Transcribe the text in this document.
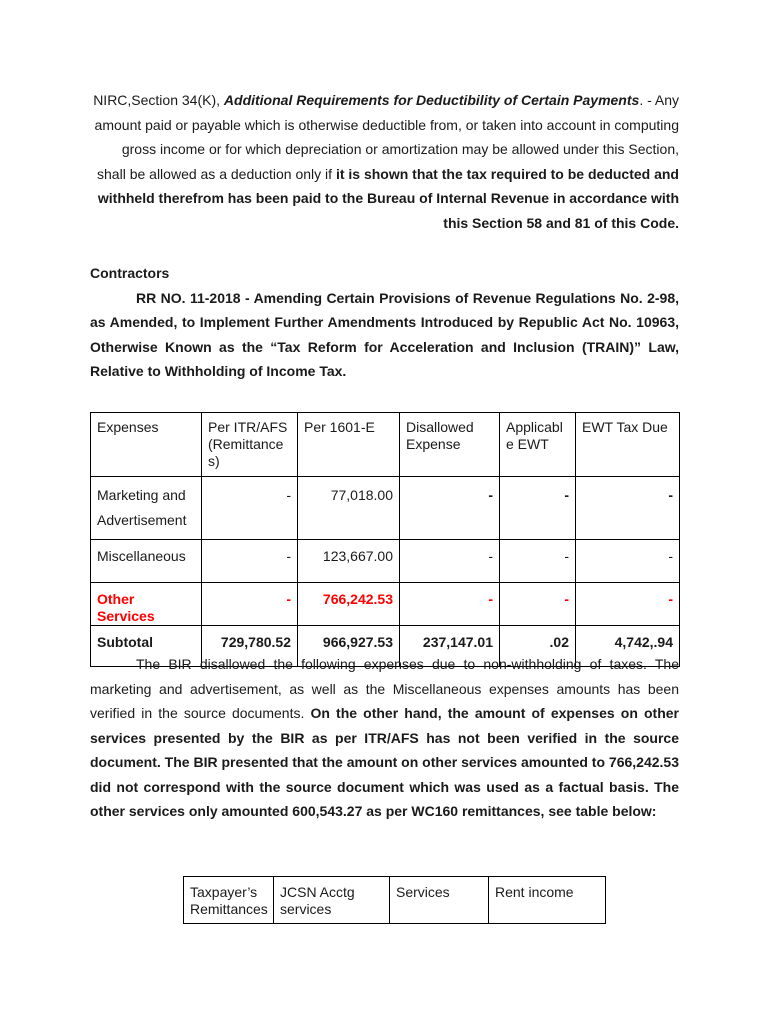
NIRC,Section 34(K), Additional Requirements for Deductibility of Certain Payments. - Any amount paid or payable which is otherwise deductible from, or taken into account in computing gross income or for which depreciation or amortization may be allowed under this Section, shall be allowed as a deduction only if it is shown that the tax required to be deducted and withheld therefrom has been paid to the Bureau of Internal Revenue in accordance with this Section 58 and 81 of this Code.

Contractors

RR NO. 11-2018 - Amending Certain Provisions of Revenue Regulations No. 2-98, as Amended, to Implement Further Amendments Introduced by Republic Act No. 10963, Otherwise Known as the “Tax Reform for Acceleration and Inclusion (TRAIN)” Law, Relative to Withholding of Income Tax.

Expenses	Per ITR/AFS (Remittance s)	Per 1601-E	Disallowed Expense	Applicabl e EWT	EWT Tax Due
Marketing and Advertisement	-	77,018.00	-	-	-
Miscellaneous	-	123,667.00	-	-	-
Other Services	-	766,242.53	-	-	-
Subtotal	729,780.52	966,927.53	237,147.01	.02	4,742,.94

The BIR disallowed the following expenses due to non-withholding of taxes. The marketing and advertisement, as well as the Miscellaneous expenses amounts has been verified in the source documents. On the other hand, the amount of expenses on other services presented by the BIR as per ITR/AFS has not been verified in the source document. The BIR presented that the amount on other services amounted to 766,242.53 did not correspond with the source document which was used as a factual basis. The other services only amounted 600,543.27 as per WC160 remittances, see table below:

Taxpayer’s Remittances	JCSN Acctg services	Services	Rent income
